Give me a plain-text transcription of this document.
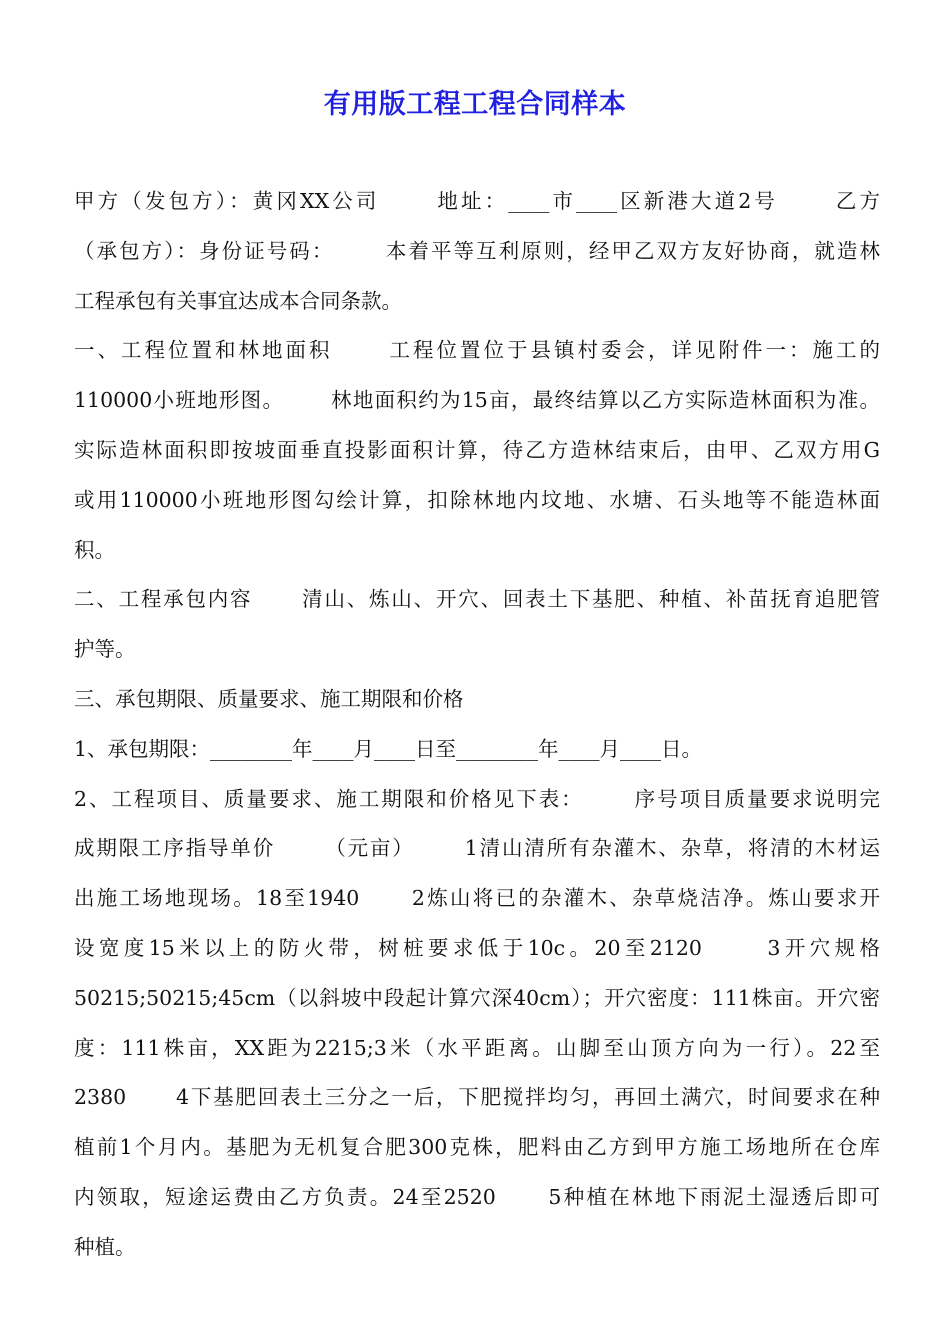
有用版工程工程合同样本
甲方（发包方）：黄冈XX公司      地址：____市____区新港大道2号      乙方
（承包方）：身份证号码：      本着平等互利原则，经甲乙双方友好协商，就造林
工程承包有关事宜达成本合同条款。
一、工程位置和林地面积      工程位置位于县镇村委会，详见附件一：施工的
110000小班地形图。      林地面积约为15亩，最终结算以乙方实际造林面积为准。
实际造林面积即按坡面垂直投影面积计算，待乙方造林结束后，由甲、乙双方用G
或用110000小班地形图勾绘计算，扣除林地内坟地、水塘、石头地等不能造林面
积。
二、工程承包内容      清山、炼山、开穴、回表土下基肥、种植、补苗抚育追肥管
护等。
三、承包期限、质量要求、施工期限和价格
1、承包期限：________年____月____日至________年____月____日。
2、工程项目、质量要求、施工期限和价格见下表：      序号项目质量要求说明完
成期限工序指导单价      （元亩）      1清山清所有杂灌木、杂草，将清的木材运
出施工场地现场。18至1940      2炼山将已的杂灌木、杂草烧洁净。炼山要求开
设宽度15米以上的防火带，树桩要求低于10c。20至2120      3开穴规格
50215;50215;45cm（以斜坡中段起计算穴深40cm）；开穴密度：111株亩。开穴密
度：111株亩，XX距为2215;3米（水平距离。山脚至山顶方向为一行）。22至
2380      4下基肥回表土三分之一后，下肥搅拌均匀，再回土满穴，时间要求在种
植前1个月内。基肥为无机复合肥300克株，肥料由乙方到甲方施工场地所在仓库
内领取，短途运费由乙方负责。24至2520      5种植在林地下雨泥土湿透后即可
种植。
